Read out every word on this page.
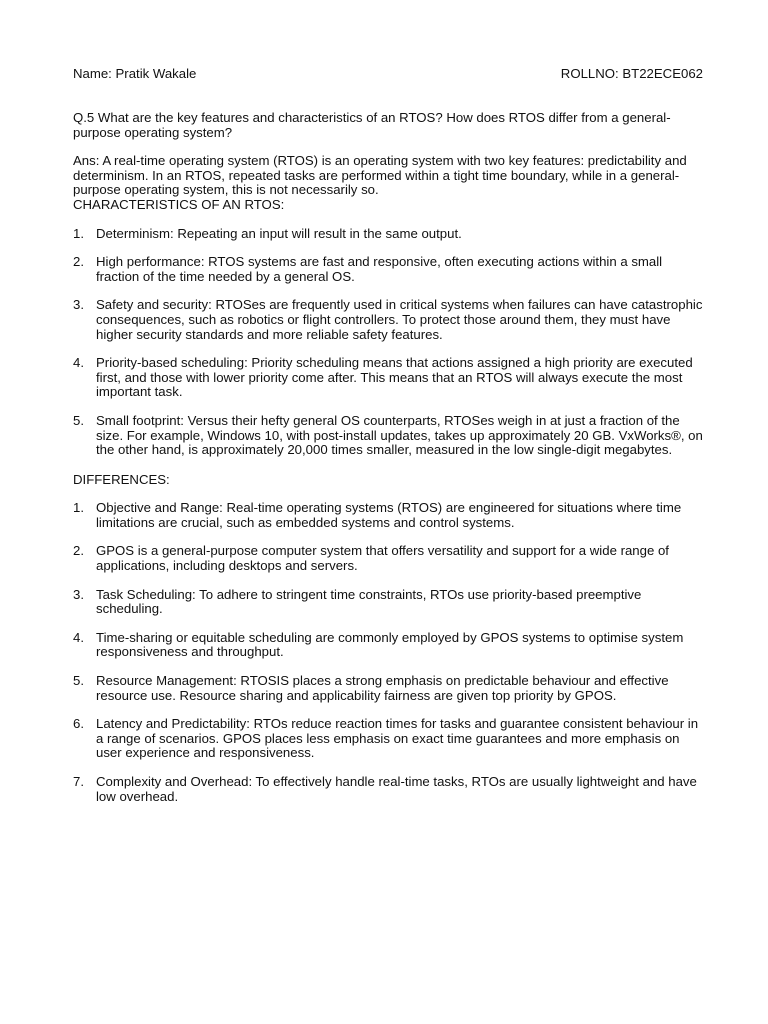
Name: Pratik Wakale	ROLLNO: BT22ECE062

Q.5 What are the key features and characteristics of an RTOS? How does RTOS differ from a general-purpose operating system?

Ans: A real-time operating system (RTOS) is an operating system with two key features: predictability and determinism. In an RTOS, repeated tasks are performed within a tight time boundary, while in a general-purpose operating system, this is not necessarily so.

CHARACTERISTICS OF AN RTOS:

1. Determinism: Repeating an input will result in the same output.
2. High performance: RTOS systems are fast and responsive, often executing actions within a small fraction of the time needed by a general OS.
3. Safety and security: RTOSes are frequently used in critical systems when failures can have catastrophic consequences, such as robotics or flight controllers. To protect those around them, they must have higher security standards and more reliable safety features.
4. Priority-based scheduling: Priority scheduling means that actions assigned a high priority are executed first, and those with lower priority come after. This means that an RTOS will always execute the most important task.
5. Small footprint: Versus their hefty general OS counterparts, RTOSes weigh in at just a fraction of the size. For example, Windows 10, with post-install updates, takes up approximately 20 GB. VxWorks®, on the other hand, is approximately 20,000 times smaller, measured in the low single-digit megabytes.

DIFFERENCES:

1. Objective and Range: Real-time operating systems (RTOS) are engineered for situations where time limitations are crucial, such as embedded systems and control systems.
2. GPOS is a general-purpose computer system that offers versatility and support for a wide range of applications, including desktops and servers.
3. Task Scheduling: To adhere to stringent time constraints, RTOs use priority-based preemptive scheduling.
4. Time-sharing or equitable scheduling are commonly employed by GPOS systems to optimise system responsiveness and throughput.
5. Resource Management: RTOSIS places a strong emphasis on predictable behaviour and effective resource use. Resource sharing and applicability fairness are given top priority by GPOS.
6. Latency and Predictability: RTOs reduce reaction times for tasks and guarantee consistent behaviour in a range of scenarios. GPOS places less emphasis on exact time guarantees and more emphasis on user experience and responsiveness.
7. Complexity and Overhead: To effectively handle real-time tasks, RTOs are usually lightweight and have low overhead.
